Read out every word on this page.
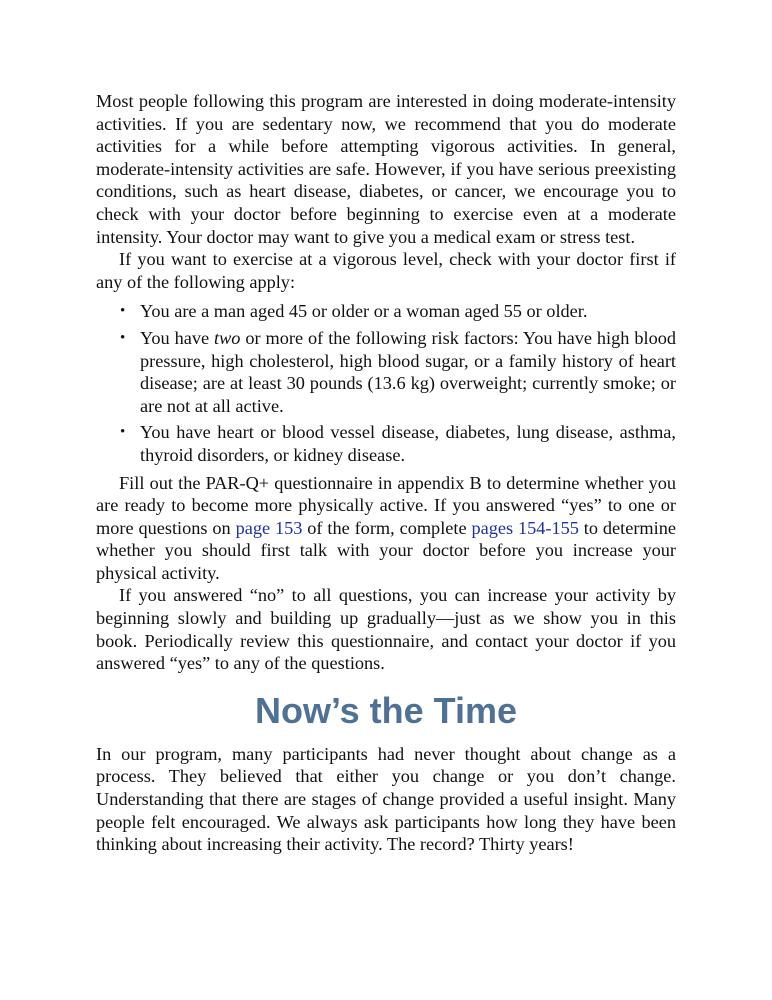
Most people following this program are interested in doing moderate-intensity activities. If you are sedentary now, we recommend that you do moderate activities for a while before attempting vigorous activities. In general, moderate-intensity activities are safe. However, if you have serious preexisting conditions, such as heart disease, diabetes, or cancer, we encourage you to check with your doctor before beginning to exercise even at a moderate intensity. Your doctor may want to give you a medical exam or stress test.

If you want to exercise at a vigorous level, check with your doctor first if any of the following apply:

• You are a man aged 45 or older or a woman aged 55 or older.
• You have two or more of the following risk factors: You have high blood pressure, high cholesterol, high blood sugar, or a family history of heart disease; are at least 30 pounds (13.6 kg) overweight; currently smoke; or are not at all active.
• You have heart or blood vessel disease, diabetes, lung disease, asthma, thyroid disorders, or kidney disease.

Fill out the PAR-Q+ questionnaire in appendix B to determine whether you are ready to become more physically active. If you answered “yes” to one or more questions on page 153 of the form, complete pages 154-155 to determine whether you should first talk with your doctor before you increase your physical activity.

If you answered “no” to all questions, you can increase your activity by beginning slowly and building up gradually—just as we show you in this book. Periodically review this questionnaire, and contact your doctor if you answered “yes” to any of the questions.

Now’s the Time

In our program, many participants had never thought about change as a process. They believed that either you change or you don’t change. Understanding that there are stages of change provided a useful insight. Many people felt encouraged. We always ask participants how long they have been thinking about increasing their activity. The record? Thirty years!
